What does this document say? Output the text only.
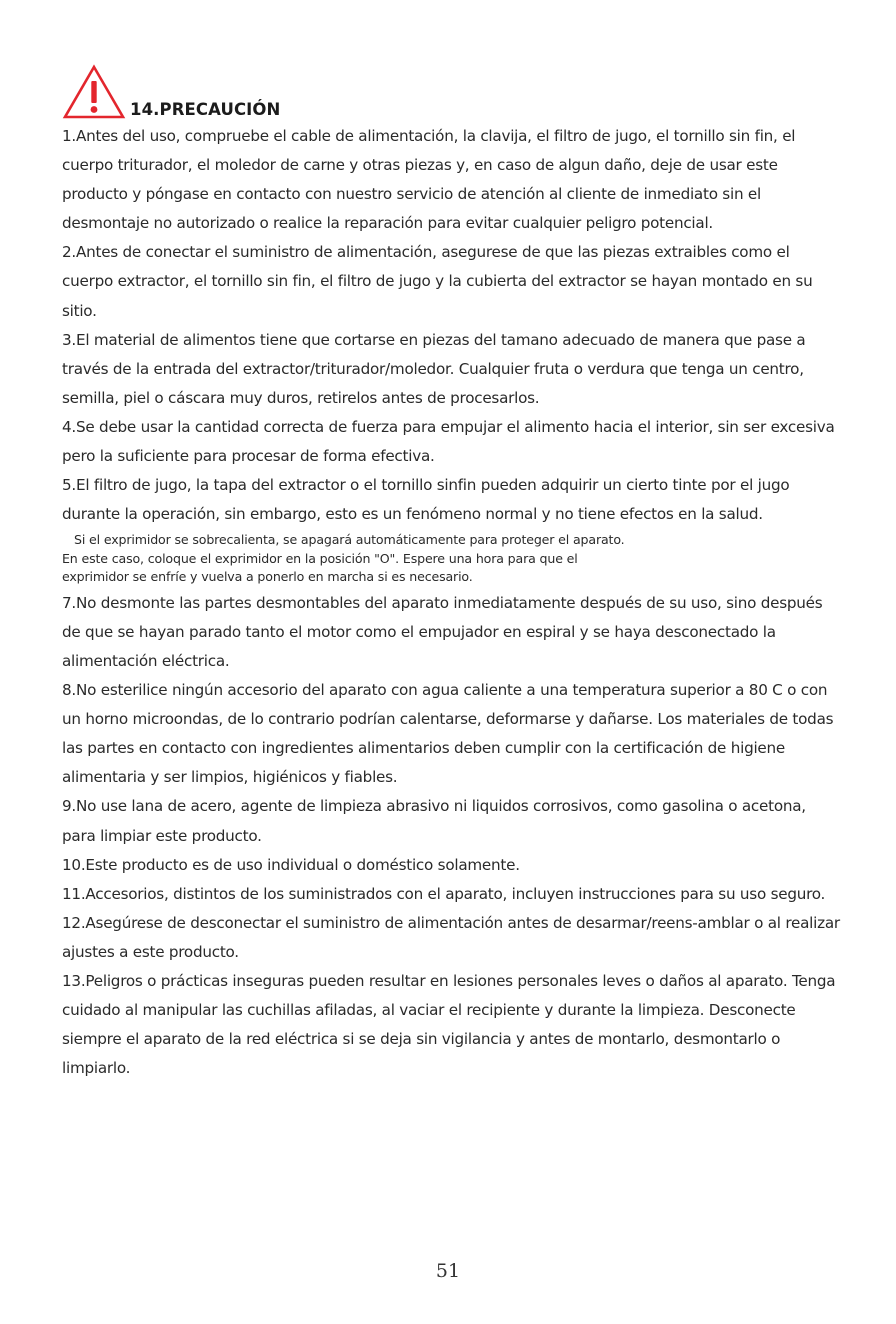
14.PRECAUCIÓN

1.Antes del uso, compruebe el cable de alimentación, la clavija, el filtro de jugo, el tornillo sin fin, el cuerpo triturador, el moledor de carne y otras piezas y, en caso de algun daño, deje de usar este producto y póngase en contacto con nuestro servicio de atención al cliente de inmediato sin el desmontaje no autorizado o realice la reparación para evitar cualquier peligro potencial.

2.Antes de conectar el suministro de alimentación, asegurese de que las piezas extraibles como el cuerpo extractor, el tornillo sin fin, el filtro de jugo y la cubierta del extractor se hayan montado en su sitio.

3.El material de alimentos tiene que cortarse en piezas del tamano adecuado de manera que pase a través de la entrada del extractor/triturador/moledor. Cualquier fruta o verdura que tenga un centro, semilla, piel o cáscara muy duros, retirelos antes de procesarlos.

4.Se debe usar la cantidad correcta de fuerza para empujar el alimento hacia el interior, sin ser excesiva pero la suficiente para procesar de forma efectiva.

5.El filtro de jugo, la tapa del extractor o el tornillo sinfin pueden adquirir un cierto tinte por el jugo durante la operación, sin embargo, esto es un fenómeno normal y no tiene efectos en la salud.

Si el exprimidor se sobrecalienta, se apagará automáticamente para proteger el aparato.
En este caso, coloque el exprimidor en la posición "O". Espere una hora para que el
exprimidor se enfríe y vuelva a ponerlo en marcha si es necesario.

7.No desmonte las partes desmontables del aparato inmediatamente después de su uso, sino después de que se hayan parado tanto el motor como el empujador en espiral y se haya desconectado la alimentación eléctrica.

8.No esterilice ningún accesorio del aparato con agua caliente a una temperatura superior a 80 C o con un horno microondas, de lo contrario podrían calentarse, deformarse y dañarse. Los materiales de todas las partes en contacto con ingredientes alimentarios deben cumplir con la certificación de higiene alimentaria y ser limpios, higiénicos y fiables.

9.No use lana de acero, agente de limpieza abrasivo ni liquidos corrosivos, como gasolina o acetona, para limpiar este producto.

10.Este producto es de uso individual o doméstico solamente.

11.Accesorios, distintos de los suministrados con el aparato, incluyen instrucciones para su uso seguro.

12.Asegúrese de desconectar el suministro de alimentación antes de desarmar/reens-amblar o al realizar ajustes a este producto.

13.Peligros o prácticas inseguras pueden resultar en lesiones personales leves o daños al aparato. Tenga cuidado al manipular las cuchillas afiladas, al vaciar el recipiente y durante la limpieza. Desconecte siempre el aparato de la red eléctrica si se deja sin vigilancia y antes de montarlo, desmontarlo o limpiarlo.

51
